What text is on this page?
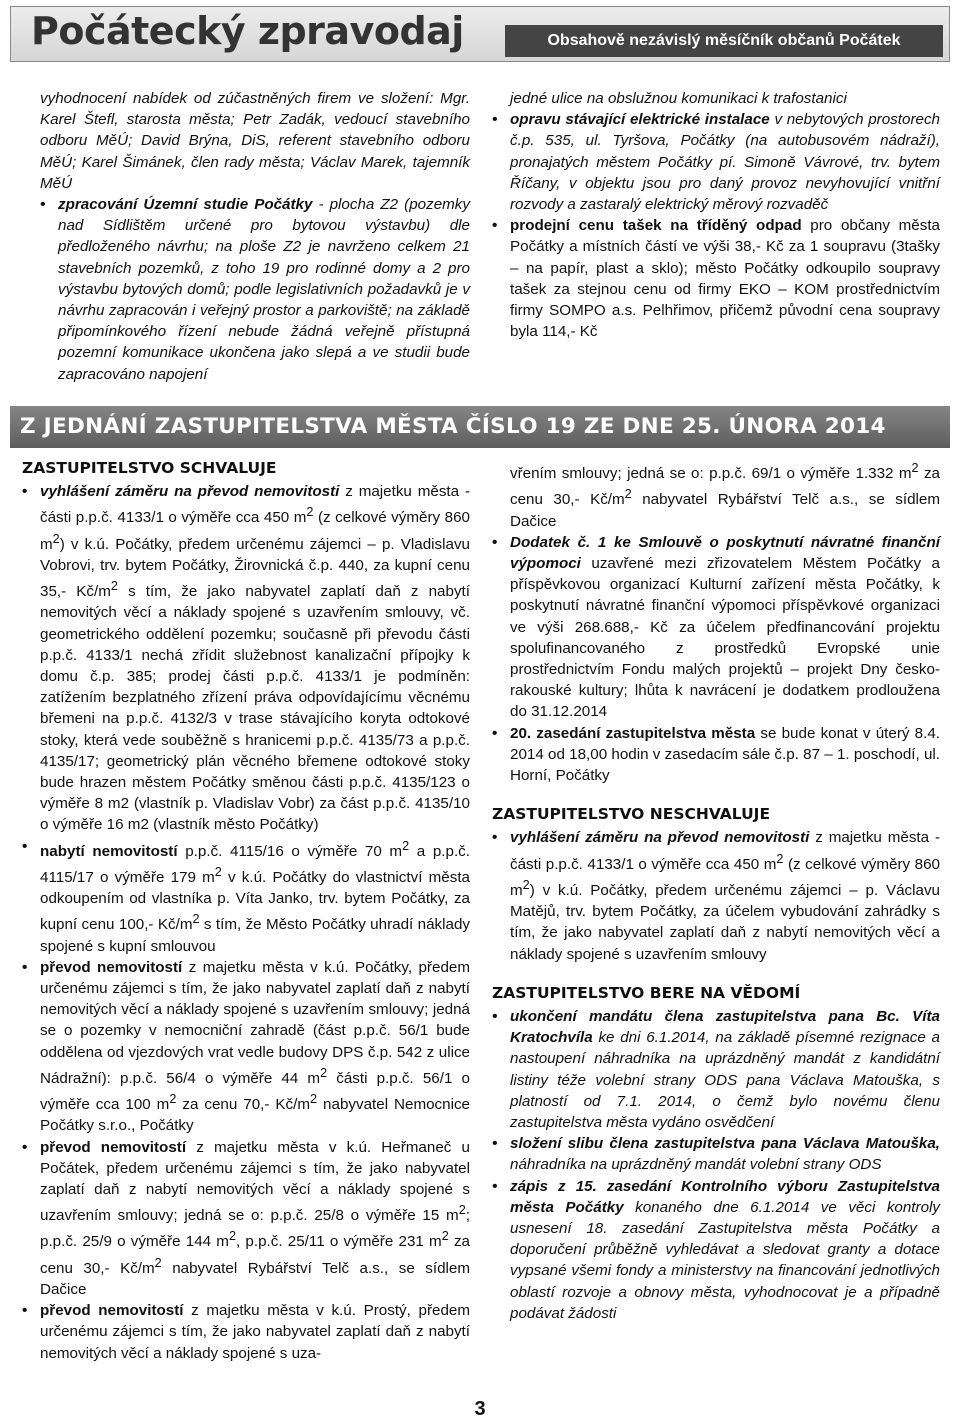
Počátecký zpravodaj	Obsahově nezávislý měsíčník občanů Počátek

vyhodnocení nabídek od zúčastněných firem ve složení: Mgr. Karel Štefl, starosta města; Petr Zadák, vedoucí stavebního odboru MěÚ; David Brýna, DiS, referent stavebního odboru MěÚ; Karel Šimánek, člen rady města; Václav Marek, tajemník MěÚ

• zpracování Územní studie Počátky - plocha Z2 (pozemky nad Sídlištěm určené pro bytovou výstavbu) dle předloženého návrhu; na ploše Z2 je navrženo celkem 21 stavebních pozemků, z toho 19 pro rodinné domy a 2 pro výstavbu bytových domů; podle legislativních požadavků je v návrhu zapracován i veřejný prostor a parkoviště; na základě připomínkového řízení nebude žádná veřejně přístupná pozemní komunikace ukončena jako slepá a ve studii bude zapracováno napojení

jedné ulice na obslužnou komunikaci k trafostanici

• opravu stávající elektrické instalace v nebytových prostorech č.p. 535, ul. Tyršova, Počátky (na autobusovém nádraží), pronajatých městem Počátky pí. Simoně Vávrové, trv. bytem Říčany, v objektu jsou pro daný provoz nevyhovující vnitřní rozvody a zastaralý elektrický měrový rozvaděč
• prodejní cenu tašek na tříděný odpad pro občany města Počátky a místních částí ve výši 38,- Kč za 1 soupravu (3tašky – na papír, plast a sklo); město Počátky odkoupilo soupravy tašek za stejnou cenu od firmy EKO – KOM prostřednictvím firmy SOMPO a.s. Pelhřimov, přičemž původní cena soupravy byla 114,- Kč
Z JEDNÁNÍ ZASTUPITELSTVA MĚSTA ČÍSLO 19 ZE DNE 25. ÚNORA 2014
ZASTUPITELSTVO SCHVALUJE
• vyhlášení záměru na převod nemovitosti z majetku města - části p.p.č. 4133/1 o výměře cca 450 $m^2$ (z celkové výměry 860 $m^2$) v k.ú. Počátky, předem určenému zájemci – p. Vladislavu Vobrovi, trv. bytem Počátky, Žirovnická č.p. 440, za kupní cenu 35,- $Kč/m^2$ s tím, že jako nabyvatel zaplatí daň z nabytí nemovitých věcí a náklady spojené s uzavřením smlouvy, vč. geometrického oddělení pozemku; současně při převodu části p.p.č. 4133/1 nechá zřídit služebnost kanalizační přípojky k domu č.p. 385; prodej části p.p.č. 4133/1 je podmíněn: zatížením bezplatného zřízení práva odpovídajícímu věcnému břemeni na p.p.č. 4132/3 v trase stávajícího koryta odtokové stoky, která vede souběžně s hranicemi p.p.č. 4135/73 a p.p.č. 4135/17; geometrický plán věcného břemene odtokové stoky bude hrazen městem Počátky směnou části p.p.č. 4135/123 o výměře 8 m2 (vlastník p. Vladislav Vobr) za část p.p.č. 4135/10 o výměře 16 m2 (vlastník město Počátky)
• nabytí nemovitostí p.p.č. 4115/16 o výměře 70 $m^2$ a p.p.č. 4115/17 o výměře 179 $m^2$ v k.ú. Počátky do vlastnictví města odkoupením od vlastníka p. Víta Janko, trv. bytem Počátky, za kupní cenu 100,- $Kč/m^2$ s tím, že Město Počátky uhradí náklady spojené s kupní smlouvou
• převod nemovitostí z majetku města v k.ú. Počátky, předem určenému zájemci s tím, že jako nabyvatel zaplatí daň z nabytí nemovitých věcí a náklady spojené s uzavřením smlouvy; jedná se o pozemky v nemocniční zahradě (část p.p.č. 56/1 bude oddělena od vjezdových vrat vedle budovy DPS č.p. 542 z ulice Nádražní): p.p.č. 56/4 o výměře 44 $m^2$ části p.p.č. 56/1 o výměře cca 100 $m^2$ za cenu 70,- $Kč/m^2$ nabyvatel Nemocnice Počátky s.r.o., Počátky
• převod nemovitostí z majetku města v k.ú. Heřmaneč u Počátek, předem určenému zájemci s tím, že jako nabyvatel zaplatí daň z nabytí nemovitých věcí a náklady spojené s uzavřením smlouvy; jedná se o: p.p.č. 25/8 o výměře 15 $m^2$; p.p.č. 25/9 o výměře 144 $m^2$, p.p.č. 25/11 o výměře 231 $m^2$ za cenu 30,- $Kč/m^2$ nabyvatel Rybářství Telč a.s., se sídlem Dačice
• převod nemovitostí z majetku města v k.ú. Prostý, předem určenému zájemci s tím, že jako nabyvatel zaplatí daň z nabytí nemovitých věcí a náklady spojené s uza-

vřením smlouvy; jedná se o: p.p.č. 69/1 o výměře 1.332 $m^2$ za cenu 30,- $Kč/m^2$ nabyvatel Rybářství Telč a.s., se sídlem Dačice

• Dodatek č. 1 ke Smlouvě o poskytnutí návratné finanční výpomoci uzavřené mezi zřizovatelem Městem Počátky a příspěvkovou organizací Kulturní zařízení města Počátky, k poskytnutí návratné finanční výpomoci příspěvkové organizaci ve výši 268.688,- Kč za účelem předfinancování projektu spolufinancovaného z prostředků Evropské unie prostřednictvím Fondu malých projektů – projekt Dny česko-rakouské kultury; lhůta k navrácení je dodatkem prodloužena do 31.12.2014
• 20. zasedání zastupitelstva města se bude konat v úterý 8.4. 2014 od 18,00 hodin v zasedacím sále č.p. 87 – 1. poschodí, ul. Horní, Počátky
ZASTUPITELSTVO NESCHVALUJE
• vyhlášení záměru na převod nemovitosti z majetku města - části p.p.č. 4133/1 o výměře cca 450 $m^2$ (z celkové výměry 860 $m^2$) v k.ú. Počátky, předem určenému zájemci – p. Václavu Matějů, trv. bytem Počátky, za účelem vybudování zahrádky s tím, že jako nabyvatel zaplatí daň z nabytí nemovitých věcí a náklady spojené s uzavřením smlouvy
ZASTUPITELSTVO BERE NA VĚDOMÍ
• ukončení mandátu člena zastupitelstva pana Bc. Víta Kratochvíla ke dni 6.1.2014, na základě písemné rezignace a nastoupení náhradníka na uprázdněný mandát z kandidátní listiny téže volební strany ODS pana Václava Matouška, s platností od 7.1. 2014, o čemž bylo novému členu zastupitelstva města vydáno osvědčení
• složení slibu člena zastupitelstva pana Václava Matouška, náhradníka na uprázdněný mandát volební strany ODS
• zápis z 15. zasedání Kontrolního výboru Zastupitelstva města Počátky konaného dne 6.1.2014 ve věci kontroly usnesení 18. zasedání Zastupitelstva města Počátky a doporučení průběžně vyhledávat a sledovat granty a dotace vypsané všemi fondy a ministerstvy na financování jednotlivých oblastí rozvoje a obnovy města, vyhodnocovat je a případně podávat žádosti
3
